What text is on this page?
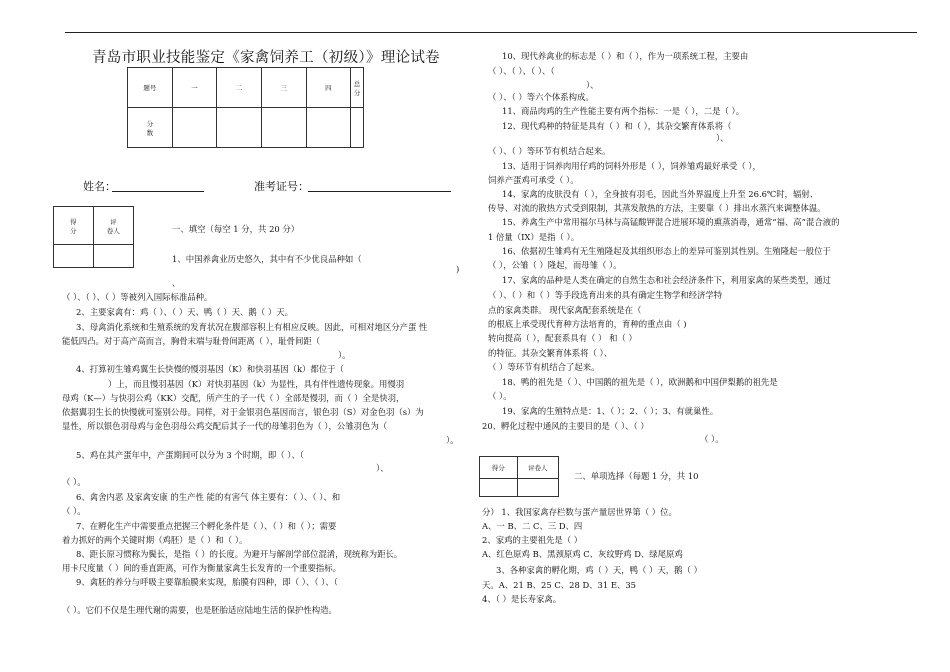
青岛市职业技能鉴定《家禽饲养工（初级）》理论试卷
题号	一	二	三	四	总分
分
数					
姓名：	准考证号：
得
分	评
卷人
		一、填空（每空 1 分，共 20 分）
1、中国养禽业历史悠久，其中有不少优良品种如（
)
、
（ ）、（ ）、（ ）等被列入国际标准品种。
2、主要家禽有：鸡（ ）、（ ）天、鸭（ ）天、鹅（ ）天。
3、母禽消化系统和生殖系统的发育状况在腹部容积上有相应反映。因此，可相对地区分产蛋 性
能低四凸。对于高产高而言，胸骨末端与耻骨间距离（ ），耻骨间距（
）。
4、打算初生雏鸡翼生长快慢的慢羽基因（K）和快羽基因（k）都位于（
）上，而且慢羽基因（K）对快羽基因（k）为显性，具有伴性遗传现象。用慢羽
母鸡（K—）与快羽公鸡（KK）交配，所产生的子一代（ ）全部是慢羽，而（ ）全是快羽，
依据翼羽生长的快慢就可鉴别公母。同样，对于金银羽色基因而言，银色羽（S）对金色羽（s）为
显性，所以银色羽母鸡与金色羽母公鸡交配后其子一代的母雏羽色为（ ），公雏羽色为（
）。
5、鸡在其产蛋年中，产蛋期间可以分为 3 个时期，即（ ）、（
）、
（ ）。
6、禽舍内恶 及家禽安康 的生产性 能的有害气 体主要有：（ ）、（ ）、和
（ ）。
7、在孵化生产中需要重点把握三个孵化条件是（ ）、（ ）和（ ）；需要
着力抓好的两个关键时期（鸡胚）是（ ）和（ ）。
8、距长原习惯称为鬓长，是指（ ）的长度。为避开与解剖学部位混淆，现统称为距长。
用卡尺度量（ ）间的垂直距离，可作为衡量家禽生长发育的一个重要指标。
9、禽胚的养分与呼吸主要靠胎膜来实现，胎膜有四种，即（ ）、（ ）、（
（ ）。它们不仅是生理代谢的需要，也是胚胎适应陆地生活的保护性构造。
10、现代养禽业的标志是（ ）和（ ），作为一项系统工程，主要由
（ ）、（ ）、（ ）、（
）、
（ ）、（ ）等六个体系构成。
11、商品肉鸡的生产性能主要有两个指标：一是（ ），二是（ ）。
12、现代鸡种的特征是具有（ ）和（ ），其杂交繁育体系将（
）、
（ ）、（ ）等环节有机结合起来。
13、适用于饲养肉用仔鸡的饲料外形是（ ），饲养雏鸡最好承受（ ），
饲养产蛋鸡可承受（ ）。
14、家禽的皮肤没有（ ），全身披有羽毛，因此当外界温度上升至 26.6℃时，辐射、
传导、对流的散热方式受到限制，其蒸发散热的方法，主要靠（ ）排出水蒸汽来调整体温。
15、养禽生产中常用福尔马林与高锰酸钾混合进展环境的熏蒸消毒，通常“福、高”混合液的
1 倍量（IX）是指（ ）。
16、依据初生雏鸡有无生殖隆起及其组织形态上的差异可鉴别其性别。生殖隆起一般位于
（ ），公雏（ ）隆起，而母雏（ ）。
17、家禽的品种是人类在确定的自然生态和社会经济条件下，利用家禽的某些类型，通过
（ ）、（ ）和（ ）等手段选育出来的具有确定生物学和经济学特
点的家禽类群。 现代家禽配套系统是在（
的根底上承受现代育种方法培育的，育种的重点由（ )
转向提高（ ），配套系具有（ ） 和（ ）
的特征。其杂交繁育体系将（ ）、
（ ）等环节有机结合了起来。
18、鸭的祖先是（ ）、中国鹅的祖先是（ ），欧洲鹅和中国伊梨鹅的祖先是
（ ）。
19、家禽的生殖特点是：1、（ ）；2、（ ）；3、有就巢性。
20、孵化过程中通风的主要目的是（ ）、（ ）
（ ）。
得分	评卷人

二、单项选择（每题 1 分，共 10
分） 1、我国家禽存栏数与蛋产量居世界第（ ）位。
A、一 B、二 C、三 D、四
2、家鸡的主要祖先是（ ）
A、红色原鸡 B、黑颈原鸡 C、灰纹野鸡 D、绿尾原鸡
3、各种家禽的孵化期，鸡（ ）天，鸭（ ）天，鹅（ ）
天。A、21 B、25 C、28 D、31 E、35
4、（ ）是长寿家禽。
